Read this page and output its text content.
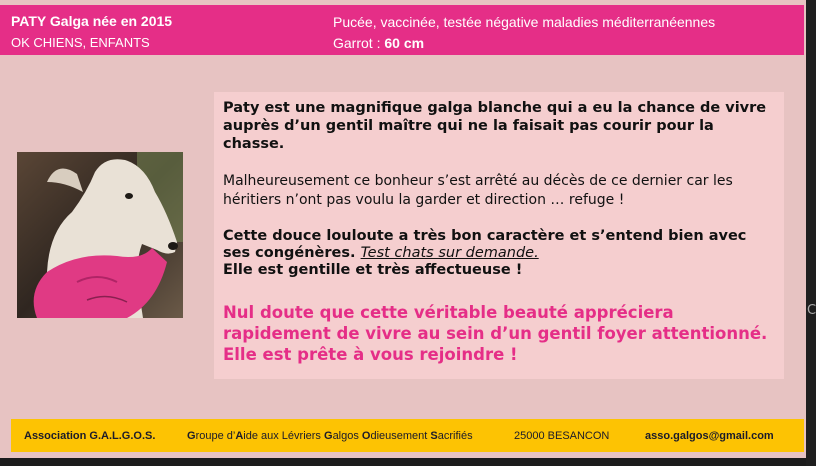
PATY Galga née en 2015
OK CHIENS, ENFANTS
Pucée, vaccinée, testée négative maladies méditerranéennes
Garrot : 60 cm
Paty est une magnifique galga blanche qui a eu la chance de vivre auprès d’un gentil maître qui ne la faisait pas courir pour la chasse.
Malheureusement ce bonheur s’est arrêté au décès de ce dernier car les héritiers n’ont pas voulu la garder et direction … refuge !
Cette douce louloute a très bon caractère et s’entend bien avec ses congénères. Test chats sur demande.
Elle est gentille et très affectueuse !
Nul doute que cette véritable beauté appréciera rapidement de vivre au sein d’un gentil foyer attentionné. Elle est prête à vous rejoindre !
Association G.A.L.G.O.S.	Groupe d’Aide aux Lévriers Galgos Odieusement Sacrifiés	25000 BESANCON	asso.galgos@gmail.com
C
